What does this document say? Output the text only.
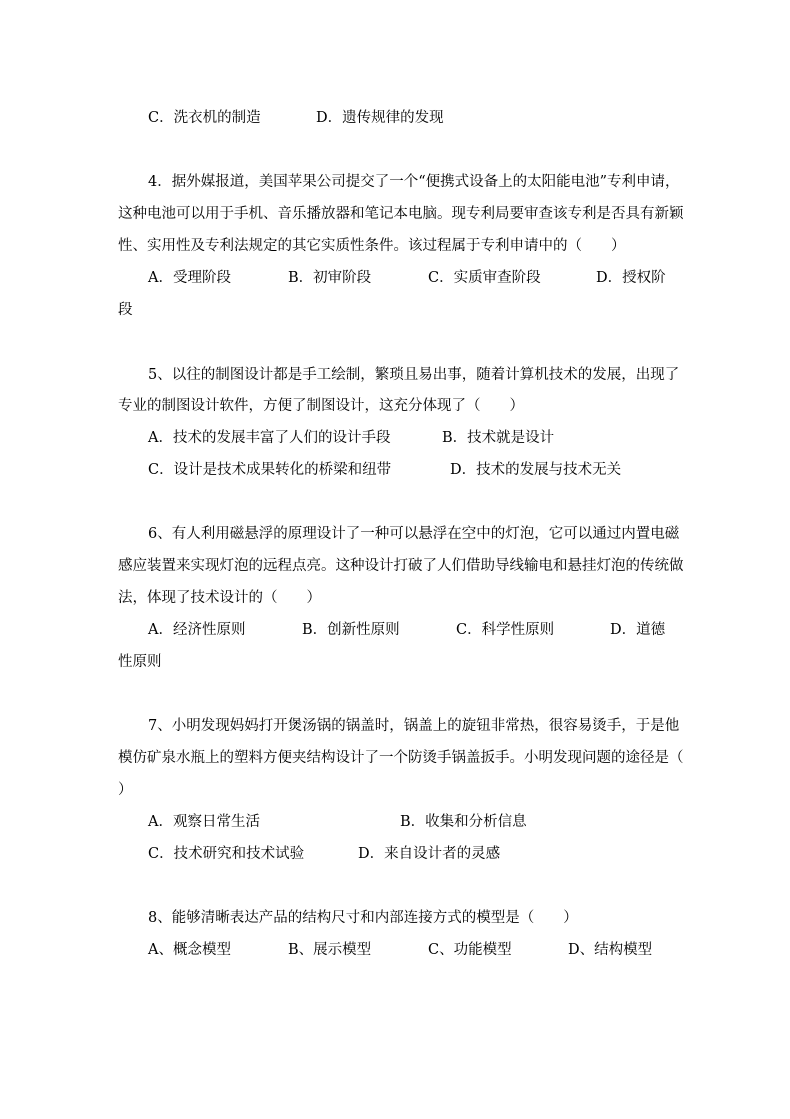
C．洗衣机的制造	D．遗传规律的发现
4．据外媒报道，美国苹果公司提交了一个“便携式设备上的太阳能电池”专利申请，
这种电池可以用于手机、音乐播放器和笔记本电脑。现专利局要审查该专利是否具有新颖
性、实用性及专利法规定的其它实质性条件。该过程属于专利申请中的（　　）
A．受理阶段	B．初审阶段	C．实质审查阶段	D．授权阶
段
5、以往的制图设计都是手工绘制，繁琐且易出事，随着计算机技术的发展，出现了
专业的制图设计软件，方便了制图设计，这充分体现了（　　）
A．技术的发展丰富了人们的设计手段	B．技术就是设计
C．设计是技术成果转化的桥梁和纽带	D．技术的发展与技术无关
6、有人利用磁悬浮的原理设计了一种可以悬浮在空中的灯泡，它可以通过内置电磁
感应装置来实现灯泡的远程点亮。这种设计打破了人们借助导线输电和悬挂灯泡的传统做
法，体现了技术设计的（　　）
A．经济性原则	B．创新性原则	C．科学性原则	D．道德
性原则
7、小明发现妈妈打开煲汤锅的锅盖时，锅盖上的旋钮非常热，很容易烫手，于是他
模仿矿泉水瓶上的塑料方便夹结构设计了一个防烫手锅盖扳手。小明发现问题的途径是（
）
A．观察日常生活	B．收集和分析信息
C．技术研究和技术试验	D．来自设计者的灵感
8、能够清晰表达产品的结构尺寸和内部连接方式的模型是（　　）
A、概念模型	B、展示模型	C、功能模型	D、结构模型
